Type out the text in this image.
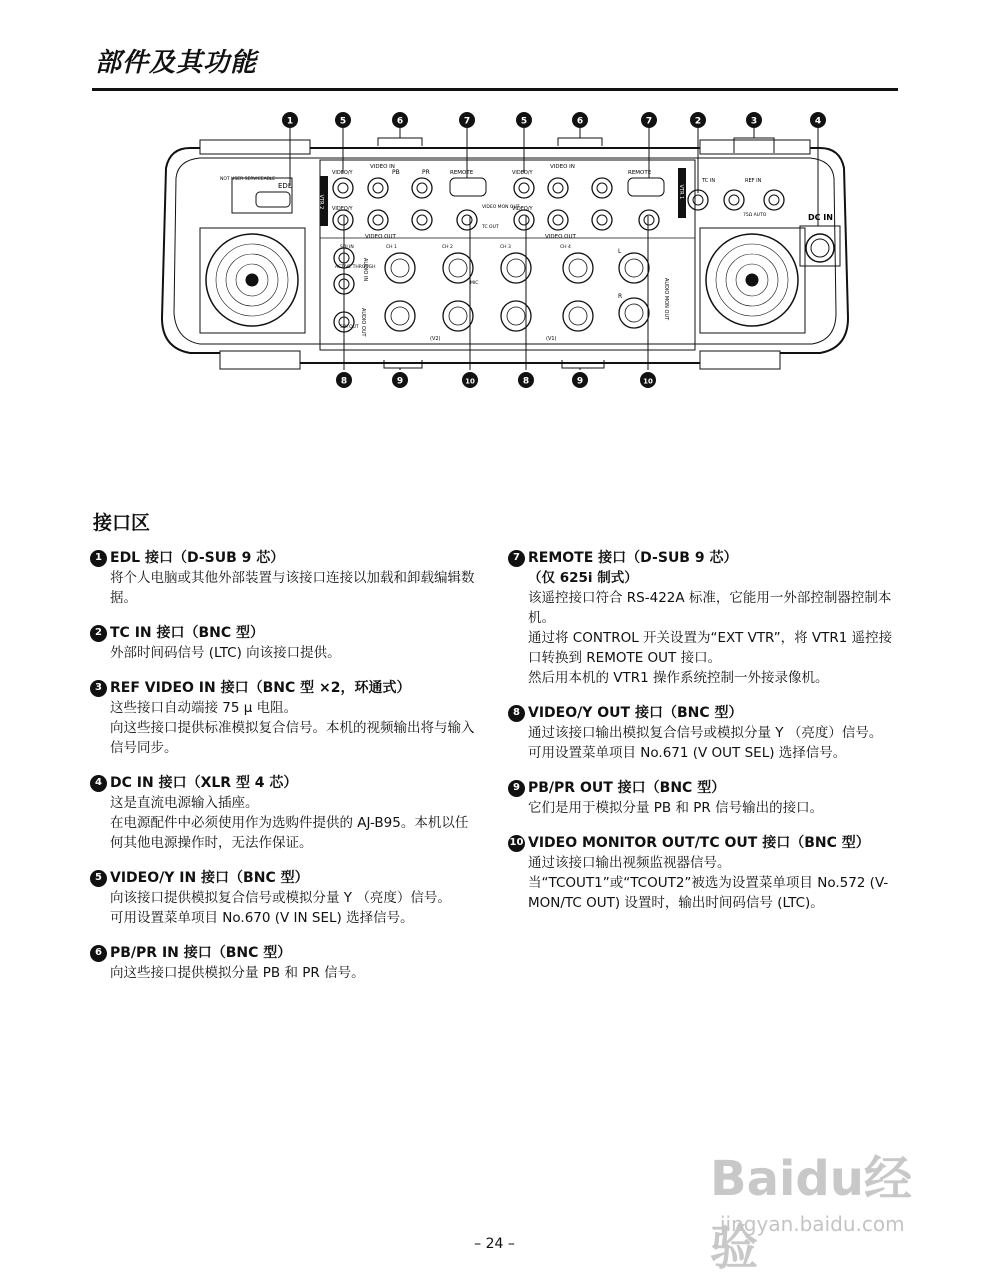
部件及其功能
1	5	6	7	5	6	7	2	3	4
8	9	10	8	9	10
EDL
NOT USER SERVICEABLE
VTR 2
VTR 1
VIDEO IN	VIDEO IN
VIDEO OUT	VIDEO OUT
VIDEO/Y
VIDEO/Y
VIDEO/Y
VIDEO/Y
PB	PR	REMOTE	REMOTE
VIDEO MON OUT
TC OUT
TC IN	REF IN
75Ω AUTO	DC IN
SDI IN
ACTIVE THROUGH
SDI OUT
AUDIO IN
AUDIO OUT
AUDIO MON OUT
CH 1	CH 2	CH 3	CH 4
MIC
L
R
(V2)	(V1)
接口区
1 EDL 接口（D-SUB 9 芯）

将个人电脑或其他外部装置与该接口连接以加载和卸载编辑数据。

2 TC IN 接口（BNC 型）

外部时间码信号 (LTC) 向该接口提供。

3 REF VIDEO IN 接口（BNC 型 ×2，环通式）

这些接口自动端接 75 μ 电阻。

向这些接口提供标准模拟复合信号。本机的视频输出将与输入信号同步。

4 DC IN 接口（XLR 型 4 芯）

这是直流电源输入插座。

在电源配件中必须使用作为选购件提供的 AJ-B95。本机以任何其他电源操作时，无法作保证。

5 VIDEO/Y IN 接口（BNC 型）

向该接口提供模拟复合信号或模拟分量 Y （亮度）信号。

可用设置菜单项目 No.670 (V IN SEL) 选择信号。

6 PB/PR IN 接口（BNC 型）

向这些接口提供模拟分量 PB 和 PR 信号。

7 REMOTE 接口（D-SUB 9 芯）
（仅 625i 制式）

该遥控接口符合 RS-422A 标准，它能用一外部控制器控制本机。

通过将 CONTROL 开关设置为“EXT VTR”，将 VTR1 遥控接口转换到 REMOTE OUT 接口。

然后用本机的 VTR1 操作系统控制一外接录像机。

8 VIDEO/Y OUT 接口（BNC 型）

通过该接口输出模拟复合信号或模拟分量 Y （亮度）信号。

可用设置菜单项目 No.671 (V OUT SEL) 选择信号。

9 PB/PR OUT 接口（BNC 型）

它们是用于模拟分量 PB 和 PR 信号输出的接口。

10 VIDEO MONITOR OUT/TC OUT 接口（BNC 型）

通过该接口输出视频监视器信号。

当“TCOUT1”或“TCOUT2”被选为设置菜单项目 No.572 (V-MON/TC OUT) 设置时，输出时间码信号 (LTC)。

Baidu经验
jingyan.baidu.com
– 24 –
